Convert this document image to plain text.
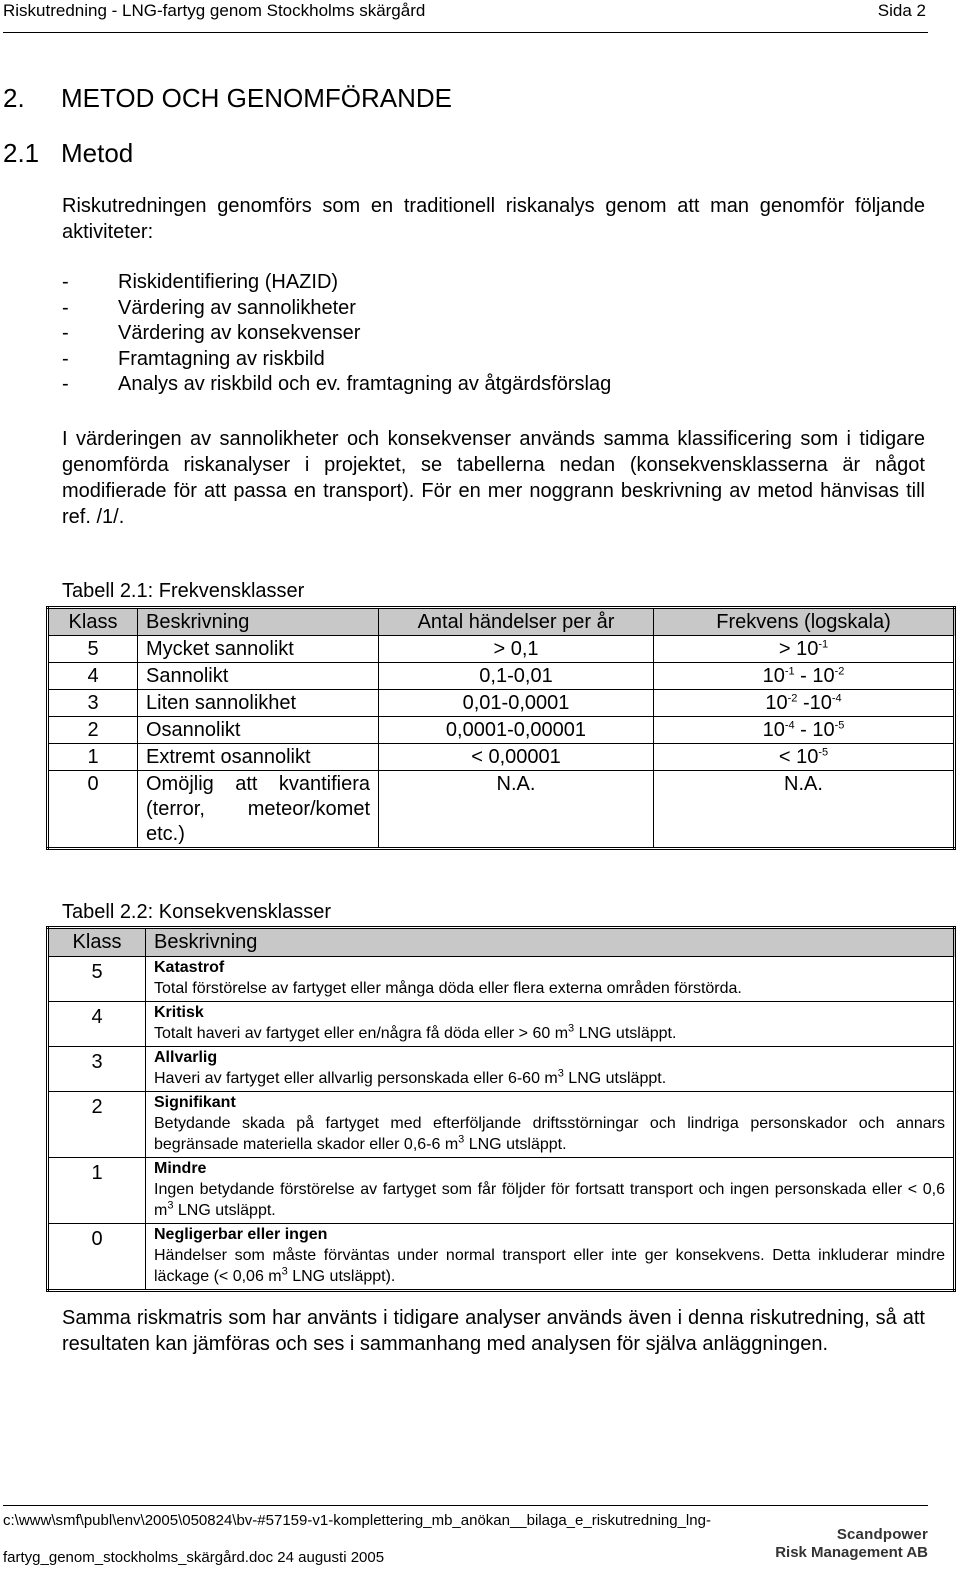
Riskutredning - LNG-fartyg genom Stockholms skärgård	Sida 2
2. METOD OCH GENOMFÖRANDE
2.1 Metod
Riskutredningen genomförs som en traditionell riskanalys genom att man genomför följande aktiviteter:
- Riskidentifiering (HAZID)
- Värdering av sannolikheter
- Värdering av konsekvenser
- Framtagning av riskbild
- Analys av riskbild och ev. framtagning av åtgärdsförslag
I värderingen av sannolikheter och konsekvenser används samma klassificering som i tidigare genomförda riskanalyser i projektet, se tabellerna nedan (konsekvensklasserna är något modifierade för att passa en transport). För en mer noggrann beskrivning av metod hänvisas till ref. /1/.
Tabell 2.1: Frekvensklasser
Klass	Beskrivning	Antal händelser per år	Frekvens (logskala)
5	Mycket sannolikt	> 0,1	> $10^{-1}$
4	Sannolikt	0,1-0,01	$10^{-1} - 10^{-2}$
3	Liten sannolikhet	0,01-0,0001	$10^{-2}$ $-10^{-4}$
2	Osannolikt	0,0001-0,00001	$10^{-4} - 10^{-5}$
1	Extremt osannolikt	< 0,00001	< $10^{-5}$
0	Omöjlig att kvantifiera (terror, meteor/komet etc.)	N.A.	N.A.
Tabell 2.2: Konsekvensklasser
Klass	Beskrivning
5	Katastrof
Total förstörelse av fartyget eller många döda eller flera externa områden förstörda.

4	Kritisk
Totalt haveri av fartyget eller en/några få döda eller > 60 $m^3$ LNG utsläppt.

3	Allvarlig
Haveri av fartyget eller allvarlig personskada eller 6-60 $m^3$ LNG utsläppt.

2	Signifikant
Betydande skada på fartyget med efterföljande driftsstörningar och lindriga personskador och annars begränsade materiella skador eller 0,6-6 $m^3$ LNG utsläppt.

1	Mindre
Ingen betydande förstörelse av fartyget som får följder för fortsatt transport och ingen personskada eller < 0,6 $m^3$ LNG utsläppt.

0	Negligerbar eller ingen
Händelser som måste förväntas under normal transport eller inte ger konsekvens. Detta inkluderar mindre läckage (< 0,06 $m^3$ LNG utsläppt).
Samma riskmatris som har använts i tidigare analyser används även i denna riskutredning, så att resultaten kan jämföras och ses i sammanhang med analysen för själva anläggningen.
c:\www\smf\publ\env\2005\050824\bv-#57159-v1-komplettering_mb_anökan__bilaga_e_riskutredning_lng-
fartyg_genom_stockholms_skärgård.doc 24 augusti 2005
Scandpower
Risk Management AB
